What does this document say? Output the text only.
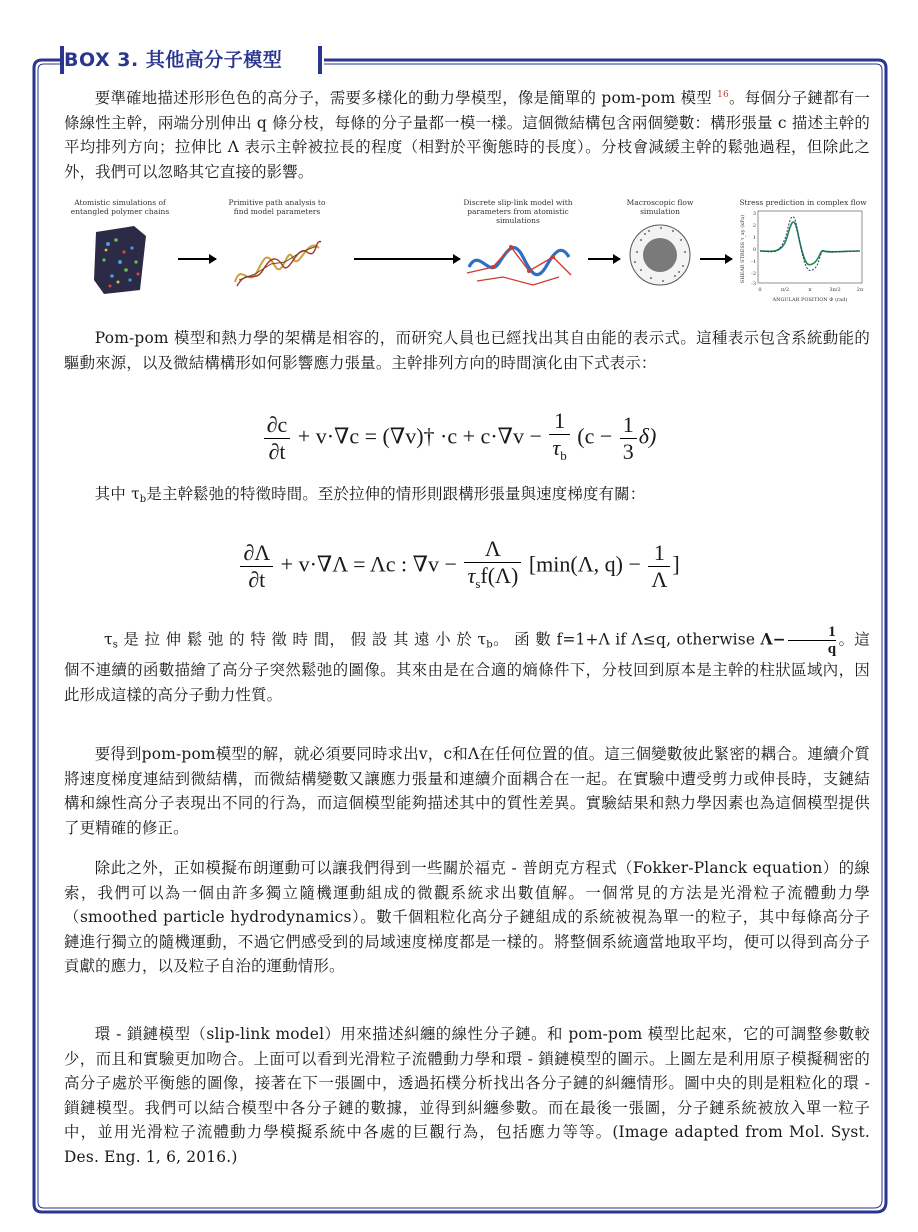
BOX 3. 其他高分子模型

要準確地描述形形色色的高分子，需要多樣化的動力學模型，像是簡單的 pom-pom 模型 $^{16}$。每個分子鏈都有一條線性主幹，兩端分別伸出 q 條分枝，每條的分子量都一模一樣。這個微結構包含兩個變數：構形張量 c 描述主幹的平均排列方向；拉伸比 Λ 表示主幹被拉長的程度（相對於平衡態時的長度）。分枝會減緩主幹的鬆弛過程，但除此之外，我們可以忽略其它直接的影響。

Atomistic simulations of entangled polymer chains
Primitive path analysis to find model parameters
Discrete slip-link model with parameters from atomistic simulations
Macroscopic flow simulation
Stress prediction in complex flow
SHEAR STRESS τ_xy (kPa)
3
2
1
0
-1
-2
-3
0	π/2	π	3π/2	2π
ANGULAR POSITION Φ (rad)

Pom-pom 模型和熱力學的架構是相容的，而研究人員也已經找出其自由能的表示式。這種表示包含系統動能的驅動來源，以及微結構構形如何影響應力張量。主幹排列方向的時間演化由下式表示：

$\frac{\partial c}{\partial t} + v\cdot\nabla c$ = (∇v)† $\cdot c + c\cdot\nabla v - \frac{1}{\tau_b} (c - \frac{1}{3} \delta)$

其中 $\tau_b$是主幹鬆弛的特徵時間。至於拉伸的情形則跟構形張量與速度梯度有關：

$\frac{\partial\Lambda}{\partial t} + v\cdot\nabla\Lambda = \Lambda c$ : $\nabla v - \frac{\Lambda}{\tau_sf(\Lambda)} [\min(\Lambda$, $q) - \frac{1}{\Lambda}$ ]

τs 是 拉 伸 鬆 弛 的 特 徵 時 間， 假 設 其 遠 小 於 τb。 函 數 f=1+Λ if Λ≤q, otherwise $\Lambda- \frac{1}{q}$ 。這個不連續的函數描繪了高分子突然鬆弛的圖像。其來由是在合適的熵條件下，分枝回到原本是主幹的柱狀區域內，因此形成這樣的高分子動力性質。

要得到pom-pom模型的解，就必須要同時求出v，c和Λ在任何位置的值。這三個變數彼此緊密的耦合。連續介質將速度梯度連結到微結構，而微結構變數又讓應力張量和連續介面耦合在一起。在實驗中遭受剪力或伸長時，支鏈結構和線性高分子表現出不同的行為，而這個模型能夠描述其中的質性差異。實驗結果和熱力學因素也為這個模型提供了更精確的修正。

除此之外，正如模擬布朗運動可以讓我們得到一些關於福克 - 普朗克方程式（Fokker-Planck equation）的線索，我們可以為一個由許多獨立隨機運動組成的微觀系統求出數值解。一個常見的方法是光滑粒子流體動力學（smoothed particle hydrodynamics）。數千個粗粒化高分子鏈組成的系統被視為單一的粒子，其中每條高分子鏈進行獨立的隨機運動，不過它們感受到的局域速度梯度都是一樣的。將整個系統適當地取平均，便可以得到高分子貢獻的應力，以及粒子自治的運動情形。

環 - 鎖鏈模型（slip-link model）用來描述糾纏的線性分子鏈。和 pom-pom 模型比起來，它的可調整參數較少，而且和實驗更加吻合。上面可以看到光滑粒子流體動力學和環 - 鎖鏈模型的圖示。上圖左是利用原子模擬稠密的高分子處於平衡態的圖像，接著在下一張圖中，透過拓樸分析找出各分子鏈的糾纏情形。圖中央的則是粗粒化的環 - 鎖鏈模型。我們可以結合模型中各分子鏈的數據，並得到糾纏參數。而在最後一張圖，分子鏈系統被放入單一粒子中，並用光滑粒子流體動力學模擬系統中各處的巨觀行為，包括應力等等。(Image adapted from Mol. Syst. Des. Eng. 1, 6, 2016.)
